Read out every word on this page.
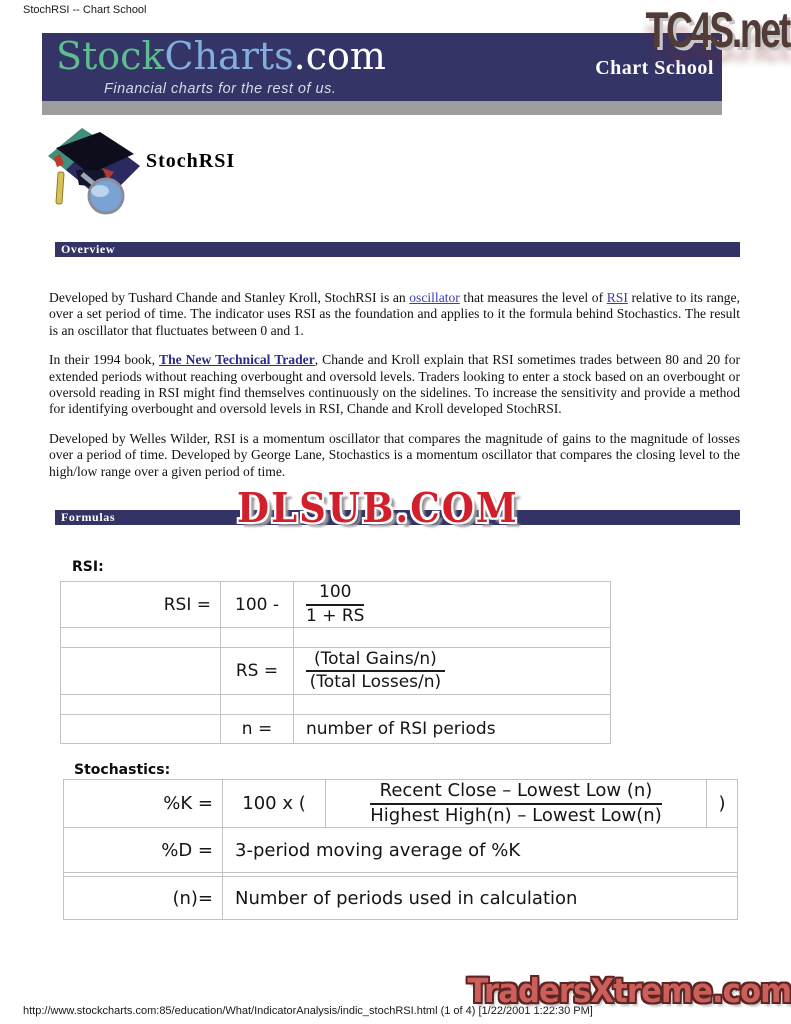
StochRSI -- Chart School	TC4S.net
StockCharts.com
Financial charts for the rest of us.
Chart School
StochRSI
Overview

Developed by Tushard Chande and Stanley Kroll, StochRSI is an oscillator that measures the level of RSI relative to its range, over a set period of time. The indicator uses RSI as the foundation and applies to it the formula behind Stochastics. The result is an oscillator that fluctuates between 0 and 1.

In their 1994 book, The New Technical Trader, Chande and Kroll explain that RSI sometimes trades between 80 and 20 for extended periods without reaching overbought and oversold levels. Traders looking to enter a stock based on an overbought or oversold reading in RSI might find themselves continuously on the sidelines. To increase the sensitivity and provide a method for identifying overbought and oversold levels in RSI, Chande and Kroll developed StochRSI.

Developed by Welles Wilder, RSI is a momentum oscillator that compares the magnitude of gains to the magnitude of losses over a period of time. Developed by George Lane, Stochastics is a momentum oscillator that compares the closing level to the high/low range over a given period of time.

Formulas	DLSUB.COM
RSI:
RSI =	100 -	$\frac{100}{1 + RS}$

	RS =	$\frac{\text{(Total Gains/n)}}{\text{(Total Losses/n)}}$

	n =	number of RSI periods
Stochastics:
%K =	100 x (	$\frac{\text{Recent Close – Lowest Low (n)}}{\text{Highest High(n) – Lowest Low(n)}}$	)
%D =	3-period moving average of %K		

(n)=	Number of periods used in calculation		
TradersXtreme.com
http://www.stockcharts.com:85/education/What/IndicatorAnalysis/indic_stochRSI.html (1 of 4) [1/22/2001 1:22:30 PM]
